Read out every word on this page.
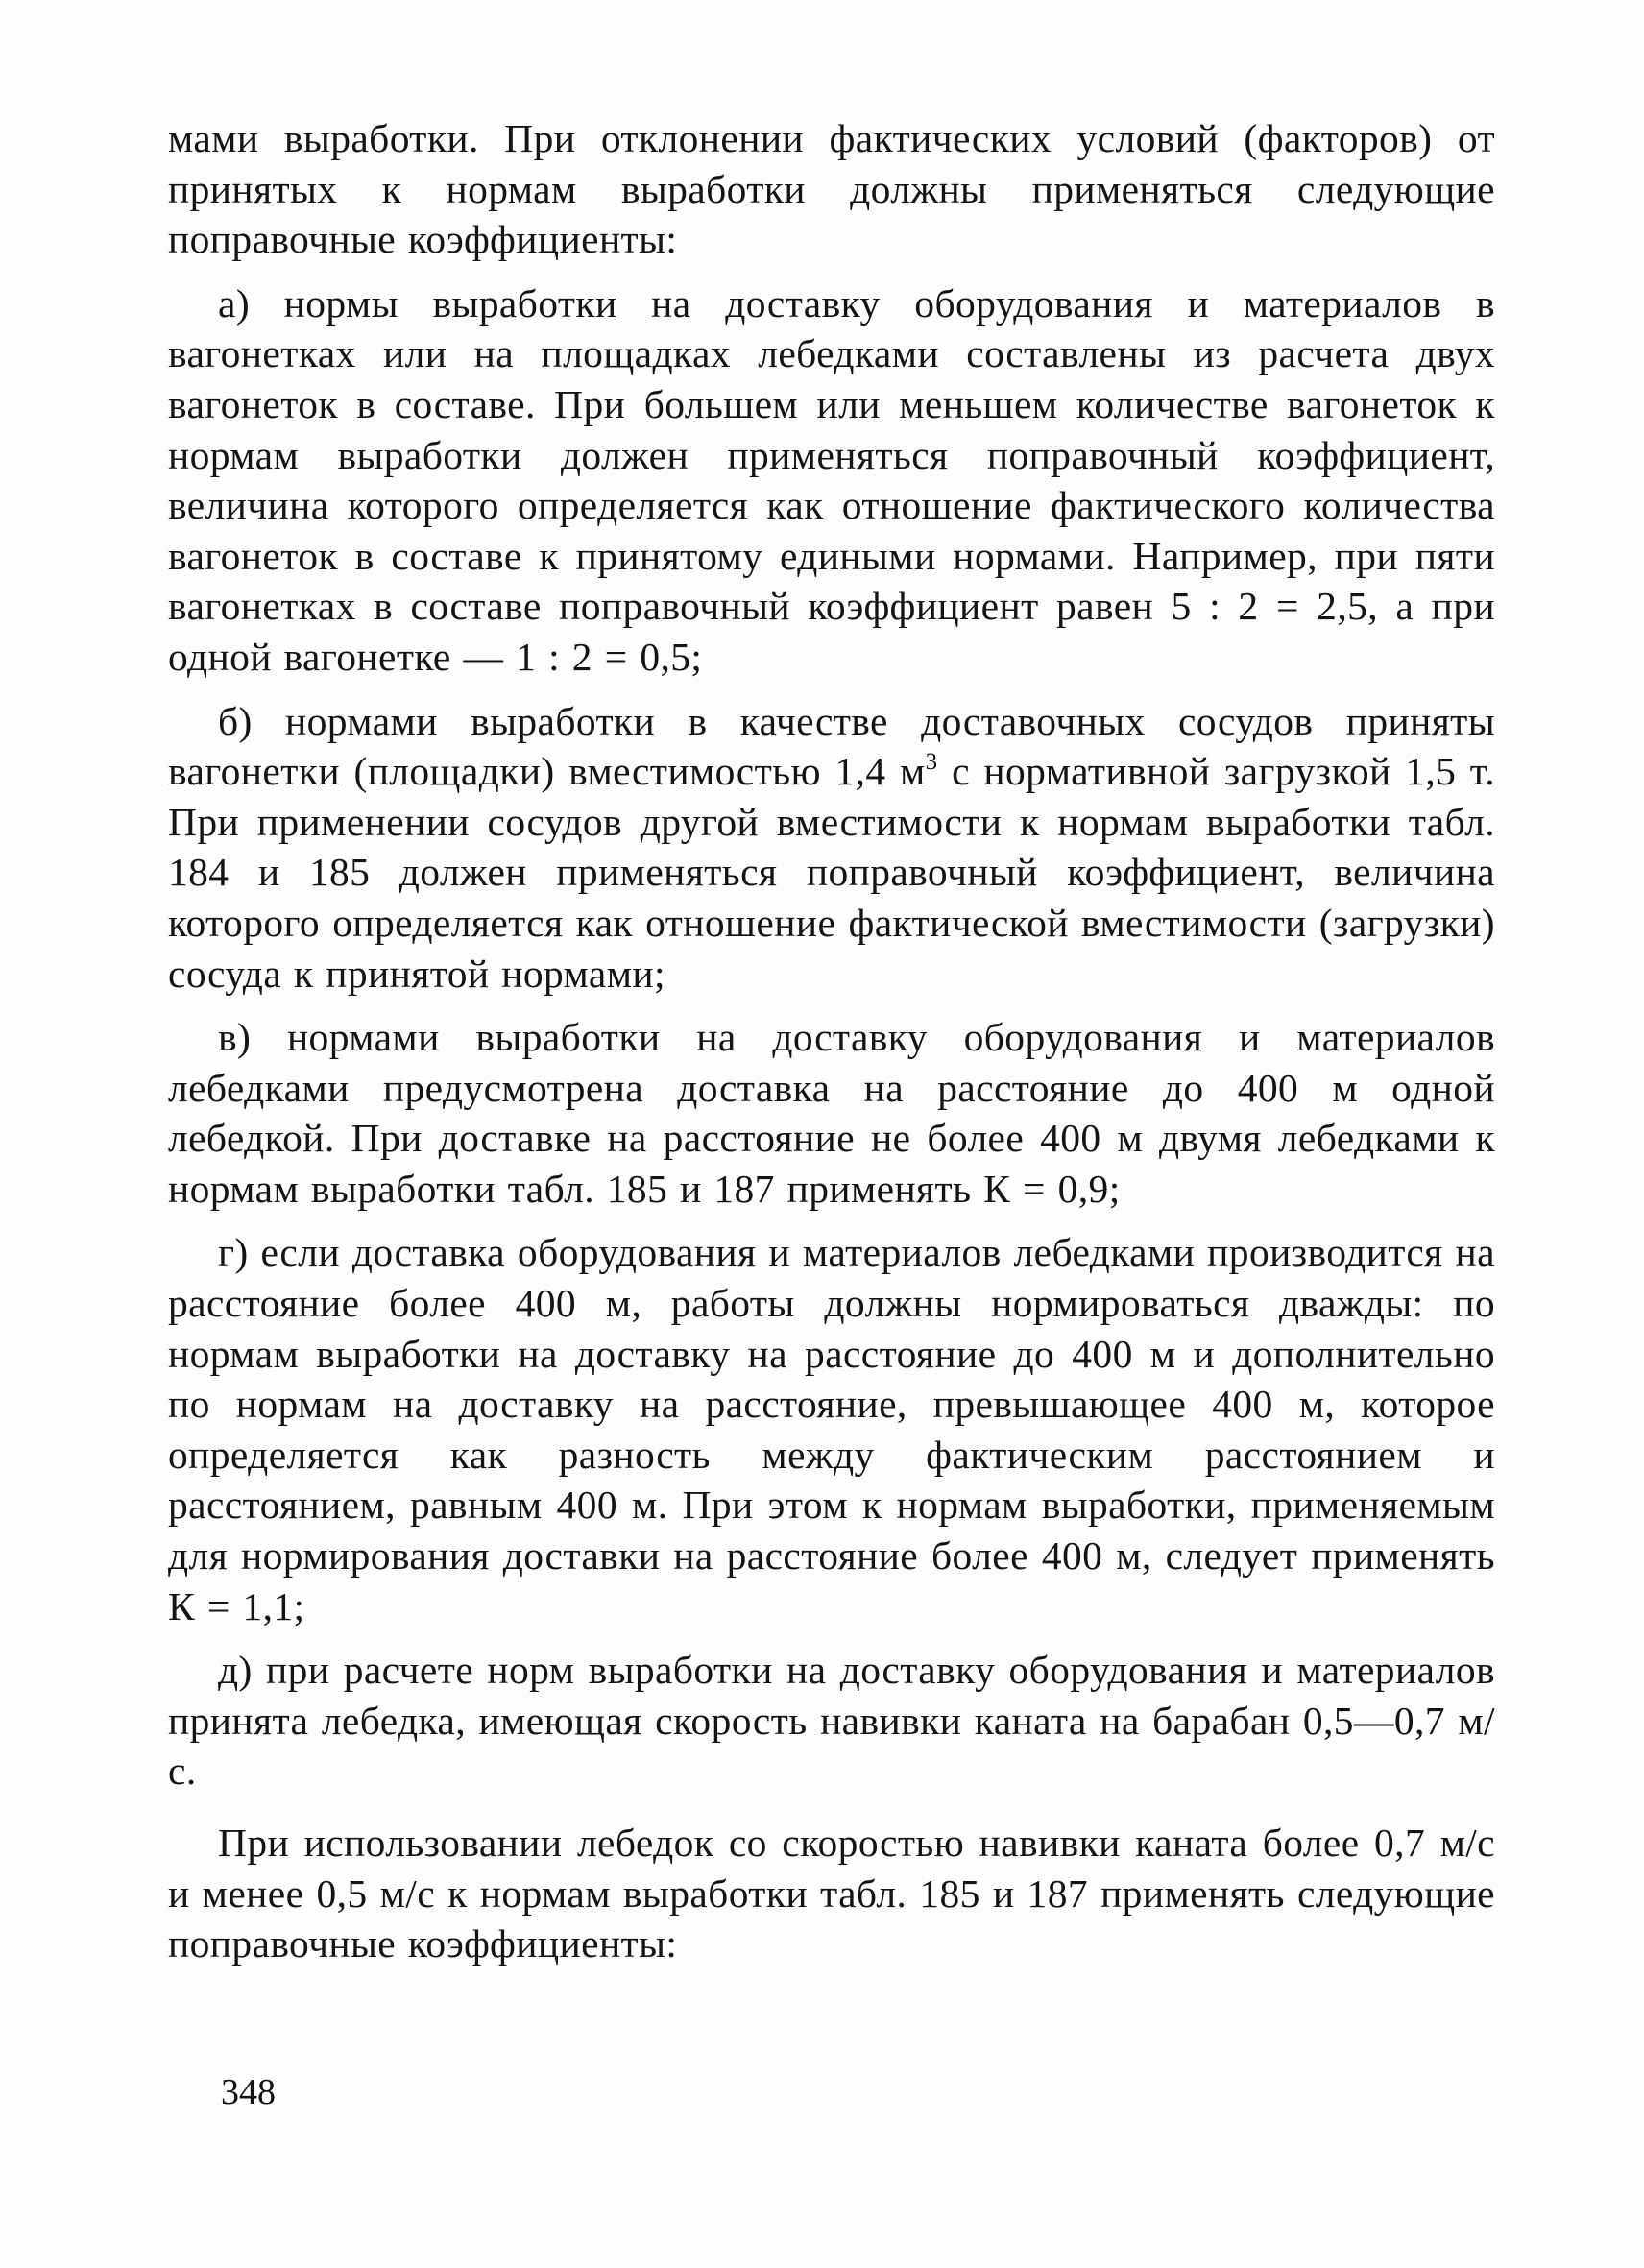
мами выработки. При отклонении фактических условий (факторов) от принятых к нормам выработки должны применяться следующие поправочные коэффициенты:

а) нормы выработки на доставку оборудования и материалов в вагонетках или на площадках лебедками составлены из расчета двух вагонеток в составе. При большем или меньшем количестве вагонеток к нормам выработки должен применяться поправочный коэффициент, величина которого определяется как отношение фактического количества вагонеток в составе к принятому едиными нормами. Например, при пяти вагонетках в составе поправочный коэффициент равен 5 : 2 = 2,5, а при одной вагонетке — 1 : 2 = 0,5;

б) нормами выработки в качестве доставочных сосудов приняты вагонетки (площадки) вместимостью 1,4 $м^3$ с нормативной загрузкой 1,5 т. При применении сосудов другой вместимости к нормам выработки табл. 184 и 185 должен применяться поправочный коэффициент, величина которого определяется как отношение фактической вместимости (загрузки) сосуда к принятой нормами;

в) нормами выработки на доставку оборудования и материалов лебедками предусмотрена доставка на расстояние до 400 м одной лебедкой. При доставке на расстояние не более 400 м двумя лебедками к нормам выработки табл. 185 и 187 применять К = 0,9;

г) если доставка оборудования и материалов лебедками производится на расстояние более 400 м, работы должны нормироваться дважды: по нормам выработки на доставку на расстояние до 400 м и дополнительно по нормам на доставку на расстояние, превышающее 400 м, которое определяется как разность между фактическим расстоянием и расстоянием, равным 400 м. При этом к нормам выработки, применяемым для нормирования доставки на расстояние более 400 м, следует применять К = 1,1;

д) при расчете норм выработки на доставку оборудования и материалов принята лебедка, имеющая скорость навивки каната на барабан 0,5—0,7 м/с.

При использовании лебедок со скоростью навивки каната более 0,7 м/с и менее 0,5 м/с к нормам выработки табл. 185 и 187 применять следующие поправочные коэффициенты:

348
